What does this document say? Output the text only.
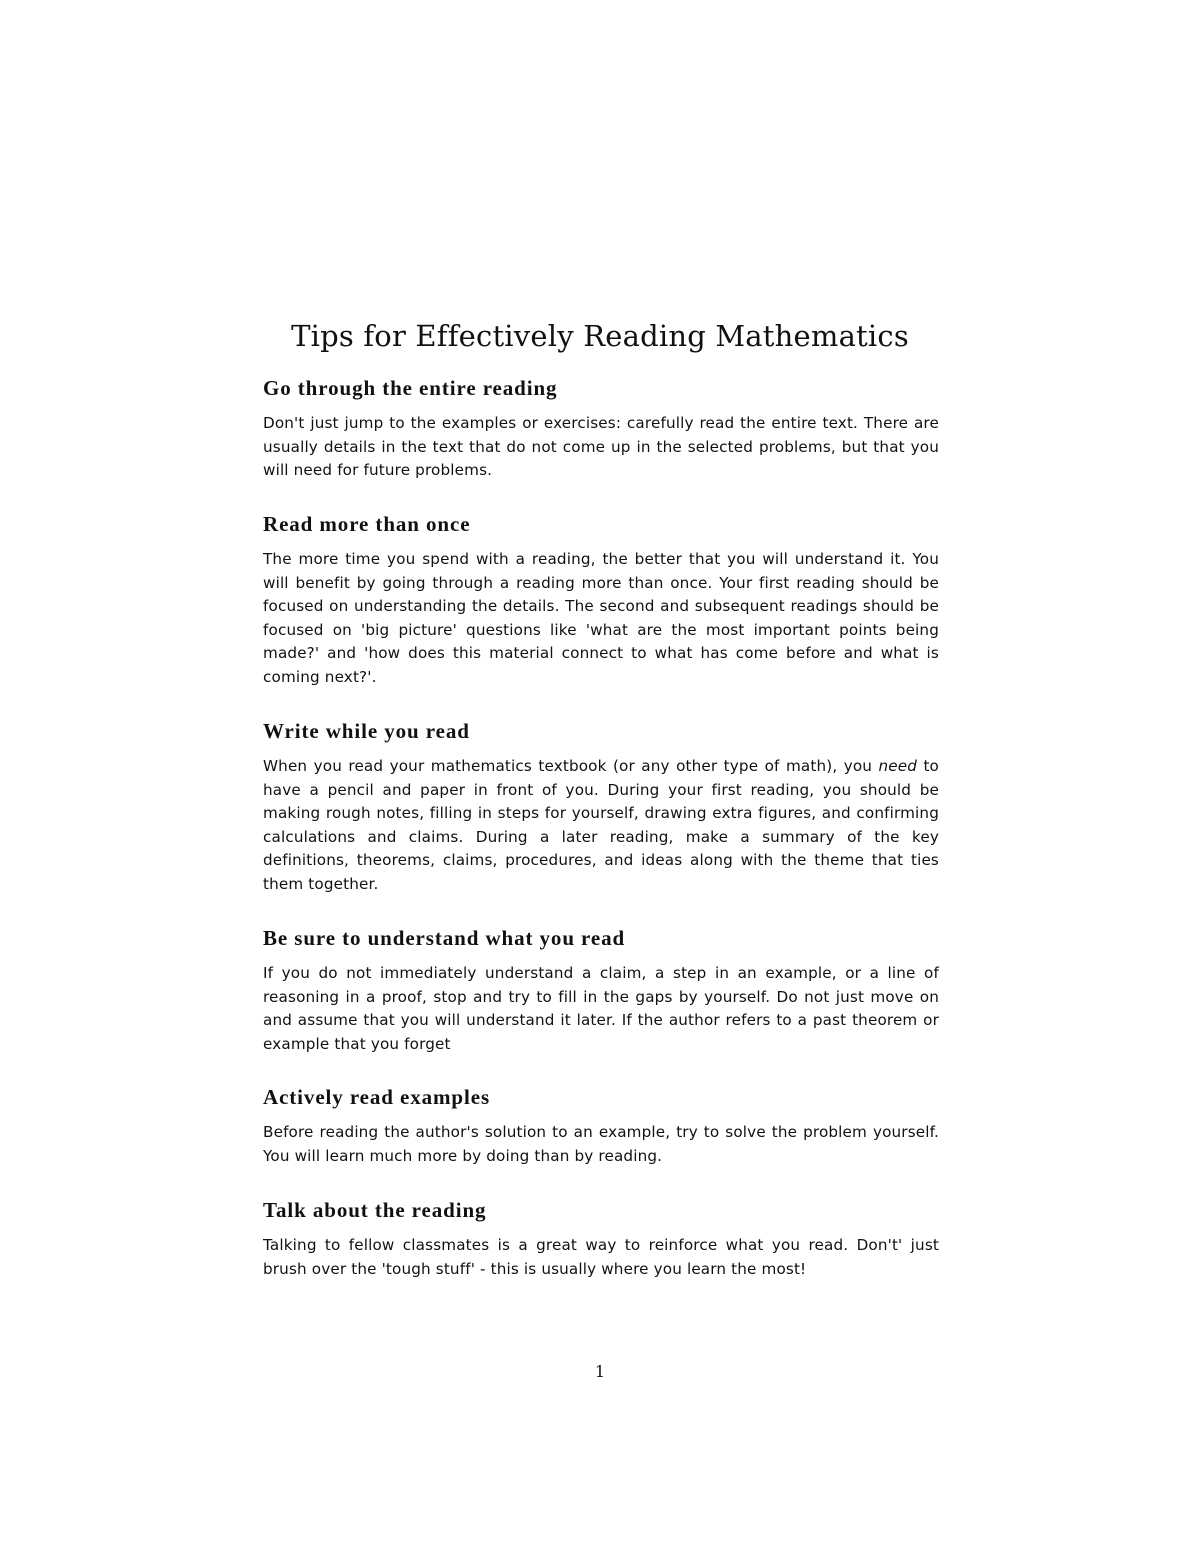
Tips for Effectively Reading Mathematics
Go through the entire reading

Don't just jump to the examples or exercises: carefully read the entire text. There are usually details in the text that do not come up in the selected problems, but that you will need for future problems.

Read more than once

The more time you spend with a reading, the better that you will understand it. You will benefit by going through a reading more than once. Your first reading should be focused on understanding the details. The second and subsequent readings should be focused on 'big picture' questions like 'what are the most important points being made?' and 'how does this material connect to what has come before and what is coming next?'.

Write while you read

When you read your mathematics textbook (or any other type of math), you need to have a pencil and paper in front of you. During your first reading, you should be making rough notes, filling in steps for yourself, drawing extra figures, and confirming calculations and claims. During a later reading, make a summary of the key definitions, theorems, claims, procedures, and ideas along with the theme that ties them together.

Be sure to understand what you read

If you do not immediately understand a claim, a step in an example, or a line of reasoning in a proof, stop and try to fill in the gaps by yourself. Do not just move on and assume that you will understand it later. If the author refers to a past theorem or example that you forget

Actively read examples

Before reading the author's solution to an example, try to solve the problem yourself. You will learn much more by doing than by reading.

Talk about the reading

Talking to fellow classmates is a great way to reinforce what you read. Don't' just brush over the 'tough stuff' - this is usually where you learn the most!

1
